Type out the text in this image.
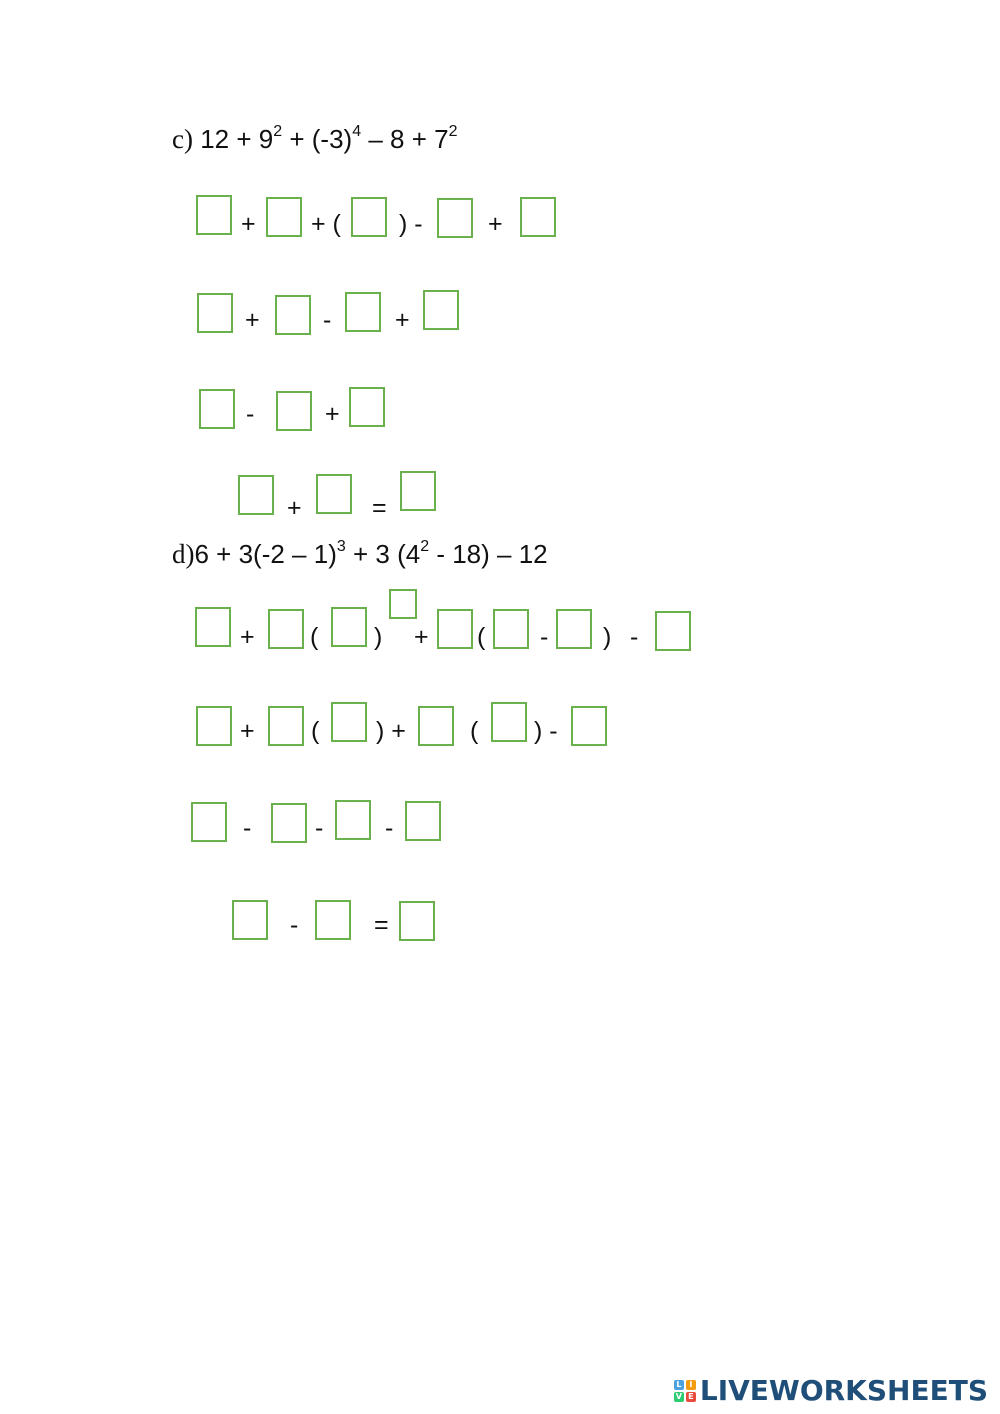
c) $12 + 9^2 + (-3)^4 - 8 + 7^2$
+ + ( ) -	+
+	-	+
-	+
+	=
d)6 + 3(-2 – 1)$^3$ + 3 $(4^2 - 18) - 12$
+ ( ) + ( - ) -
+ ( ) +	( ) -
-	- -
-	=
L I
V E LIVEWORKSHEETS
